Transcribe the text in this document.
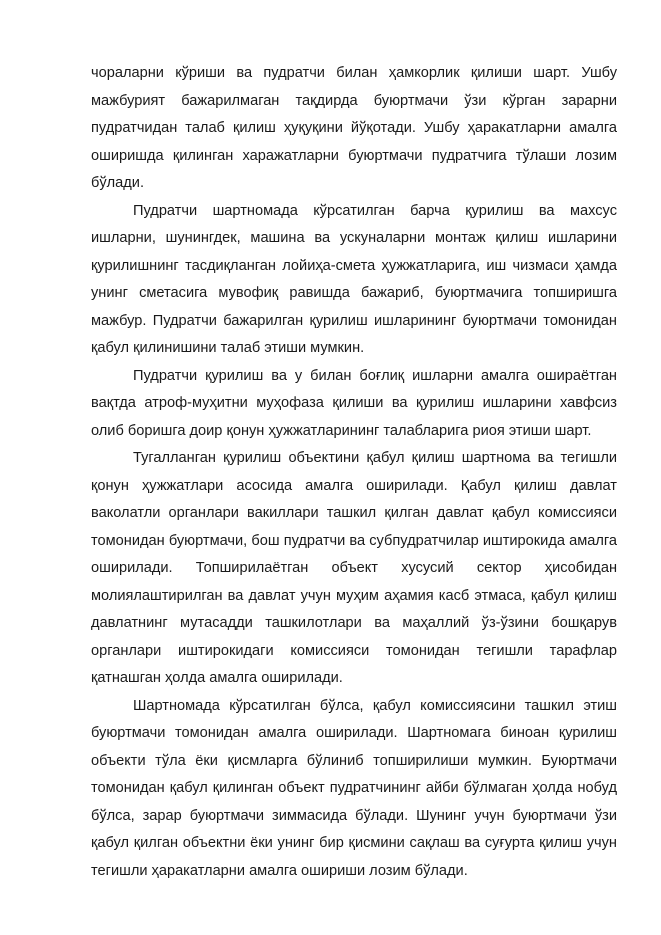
чораларни кўриши ва пудратчи билан ҳамкорлик қилиши шарт. Ушбу мажбурият бажарилмаган тақдирда буюртмачи ўзи кўрган зарарни пудратчидан талаб қилиш ҳуқуқини йўқотади. Ушбу ҳаракатларни амалга оширишда қилинган харажатларни буюртмачи пудратчига тўлаши лозим бўлади.

Пудратчи шартномада кўрсатилган барча қурилиш ва махсус ишларни, шунингдек, машина ва ускуналарни монтаж қилиш ишларини қурилишнинг тасдиқланган лойиҳа-смета ҳужжатларига, иш чизмаси ҳамда унинг сметасига мувофиқ равишда бажариб, буюртмачига топширишга мажбур. Пудратчи бажарилган қурилиш ишларининг буюртмачи томонидан қабул қилинишини талаб этиши мумкин.

Пудратчи қурилиш ва у билан боғлиқ ишларни амалга ошираётган вақтда атроф-муҳитни муҳофаза қилиши ва қурилиш ишларини хавфсиз олиб боришга доир қонун ҳужжатларининг талабларига риоя этиши шарт.

Тугалланган қурилиш объектини қабул қилиш шартнома ва тегишли қонун ҳужжатлари асосида амалга оширилади. Қабул қилиш давлат ваколатли органлари вакиллари ташкил қилган давлат қабул комиссияси томонидан буюртмачи, бош пудратчи ва субпудратчилар иштирокида амалга оширилади. Топширилаётган объект хусусий сектор ҳисобидан молиялаштирилган ва давлат учун муҳим аҳамия касб этмаса, қабул қилиш давлатнинг мутасадди ташкилотлари ва маҳаллий ўз-ўзини бошқарув органлари иштирокидаги комиссияси томонидан тегишли тарафлар қатнашган ҳолда амалга оширилади.

Шартномада кўрсатилган бўлса, қабул комиссиясини ташкил этиш буюртмачи томонидан амалга оширилади. Шартномага биноан қурилиш объекти тўла ёки қисмларга бўлиниб топширилиши мумкин. Буюртмачи томонидан қабул қилинган объект пудратчининг айби бўлмаган ҳолда нобуд бўлса, зарар буюртмачи зиммасида бўлади. Шунинг учун буюртмачи ўзи қабул қилган объектни ёки унинг бир қисмини сақлаш ва суғурта қилиш учун тегишли ҳаракатларни амалга ошириши лозим бўлади.
